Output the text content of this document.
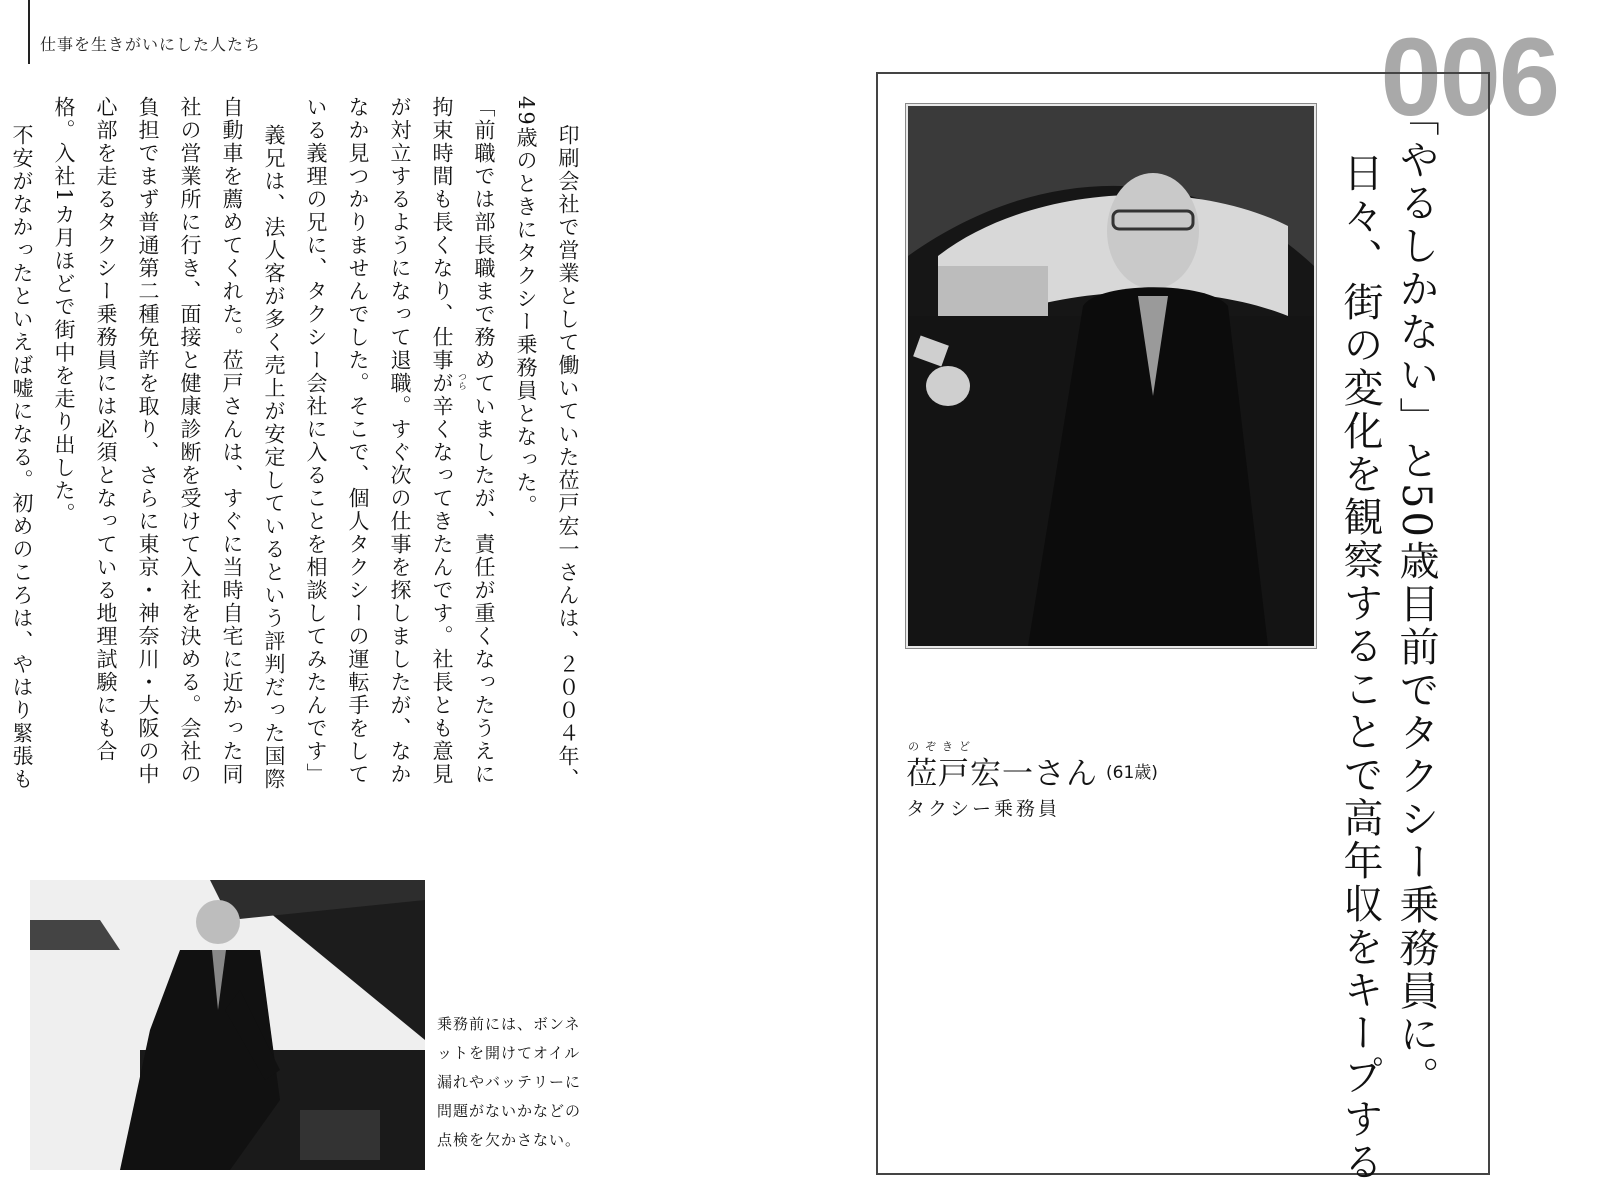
仕事を生きがいにした人たち	006
印刷会社で営業として働いていた莅戸宏一さんは、２００４年、
49歳のときにタクシー乗務員となった。
「前職では部長職まで務めていましたが、責任が重くなったうえに
拘束時間も長くなり、仕事が辛くなってきたんです。社長とも意見
が対立するようになって退職。すぐ次の仕事を探しましたが、なか
なか見つかりませんでした。そこで、個人タクシーの運転手をして
いる義理の兄に、タクシー会社に入ることを相談してみたんです」
義兄は、法人客が多く売上が安定しているという評判だった国際
自動車を薦めてくれた。莅戸さんは、すぐに当時自宅に近かった同
社の営業所に行き、面接と健康診断を受けて入社を決める。会社の
負担でまず普通第二種免許を取り、さらに東京・神奈川・大阪の中
心部を走るタクシー乗務員には必須となっている地理試験にも合
格。入社1カ月ほどで街中を走り出した。
不安がなかったといえば嘘になる。初めのころは、やはり緊張も	つら	「やるしかない」と50歳目前でタクシー乗務員に。
日々、街の変化を観察することで高年収をキープする
のぞきど
莅戸宏一さん (61歳)
タクシー乗務員
乗務前には、ボンネットを開けてオイル漏れやバッテリーに問題がないかなどの点検を欠かさない。
